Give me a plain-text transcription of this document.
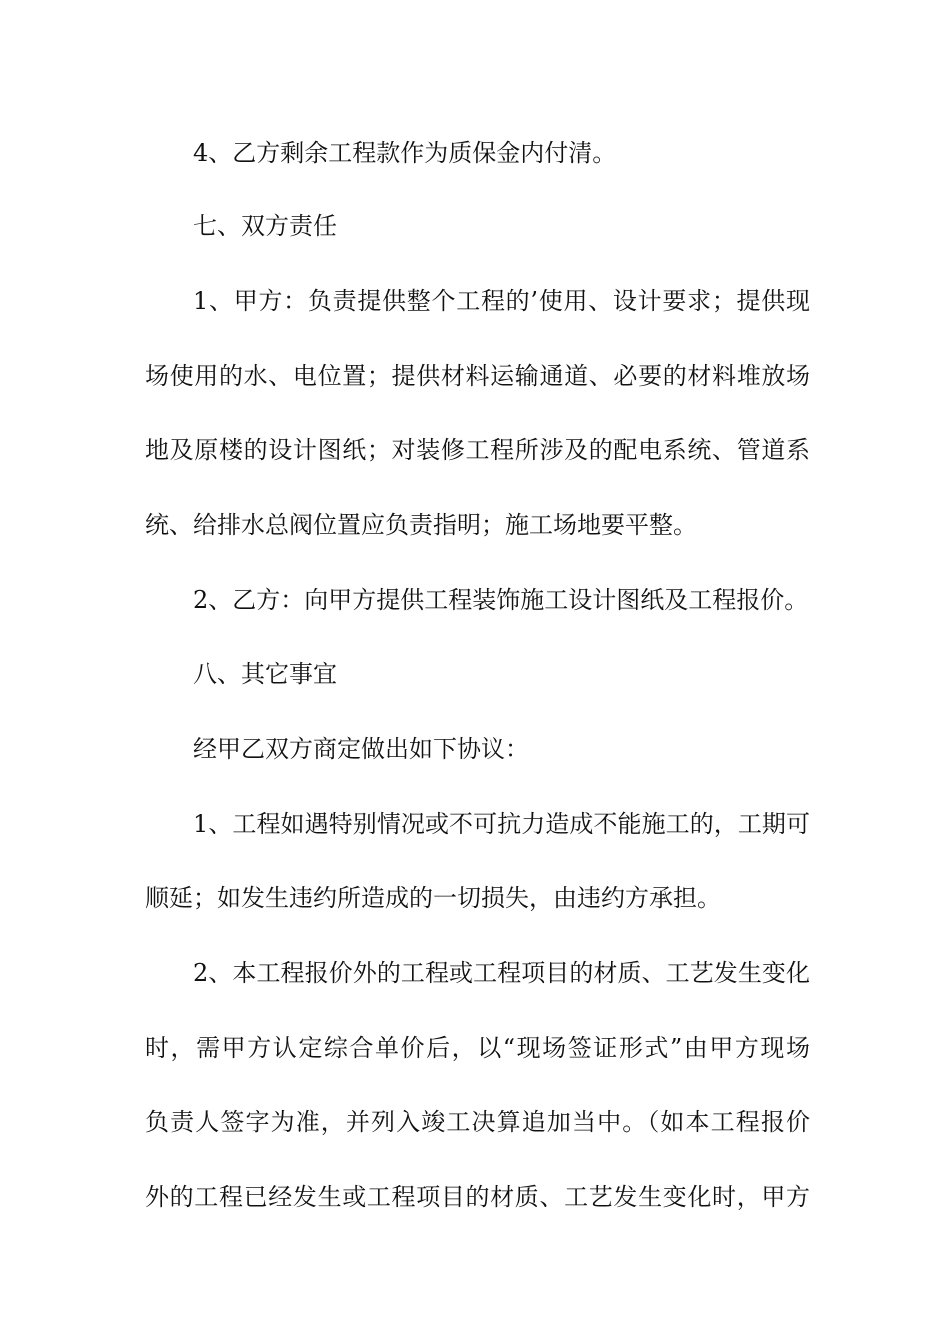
4、乙方剩余工程款作为质保金内付清。
七、双方责任
1、甲方：负责提供整个工程的’使用、设计要求；提供现
场使用的水、电位置；提供材料运输通道、必要的材料堆放场
地及原楼的设计图纸；对装修工程所涉及的配电系统、管道系
统、给排水总阀位置应负责指明；施工场地要平整。
2、乙方：向甲方提供工程装饰施工设计图纸及工程报价。
八、其它事宜
经甲乙双方商定做出如下协议：
1、工程如遇特别情况或不可抗力造成不能施工的，工期可
顺延；如发生违约所造成的一切损失，由违约方承担。
2、本工程报价外的工程或工程项目的材质、工艺发生变化
时，需甲方认定综合单价后，以“现场签证形式”由甲方现场
负责人签字为准，并列入竣工决算追加当中。（如本工程报价
外的工程已经发生或工程项目的材质、工艺发生变化时，甲方
